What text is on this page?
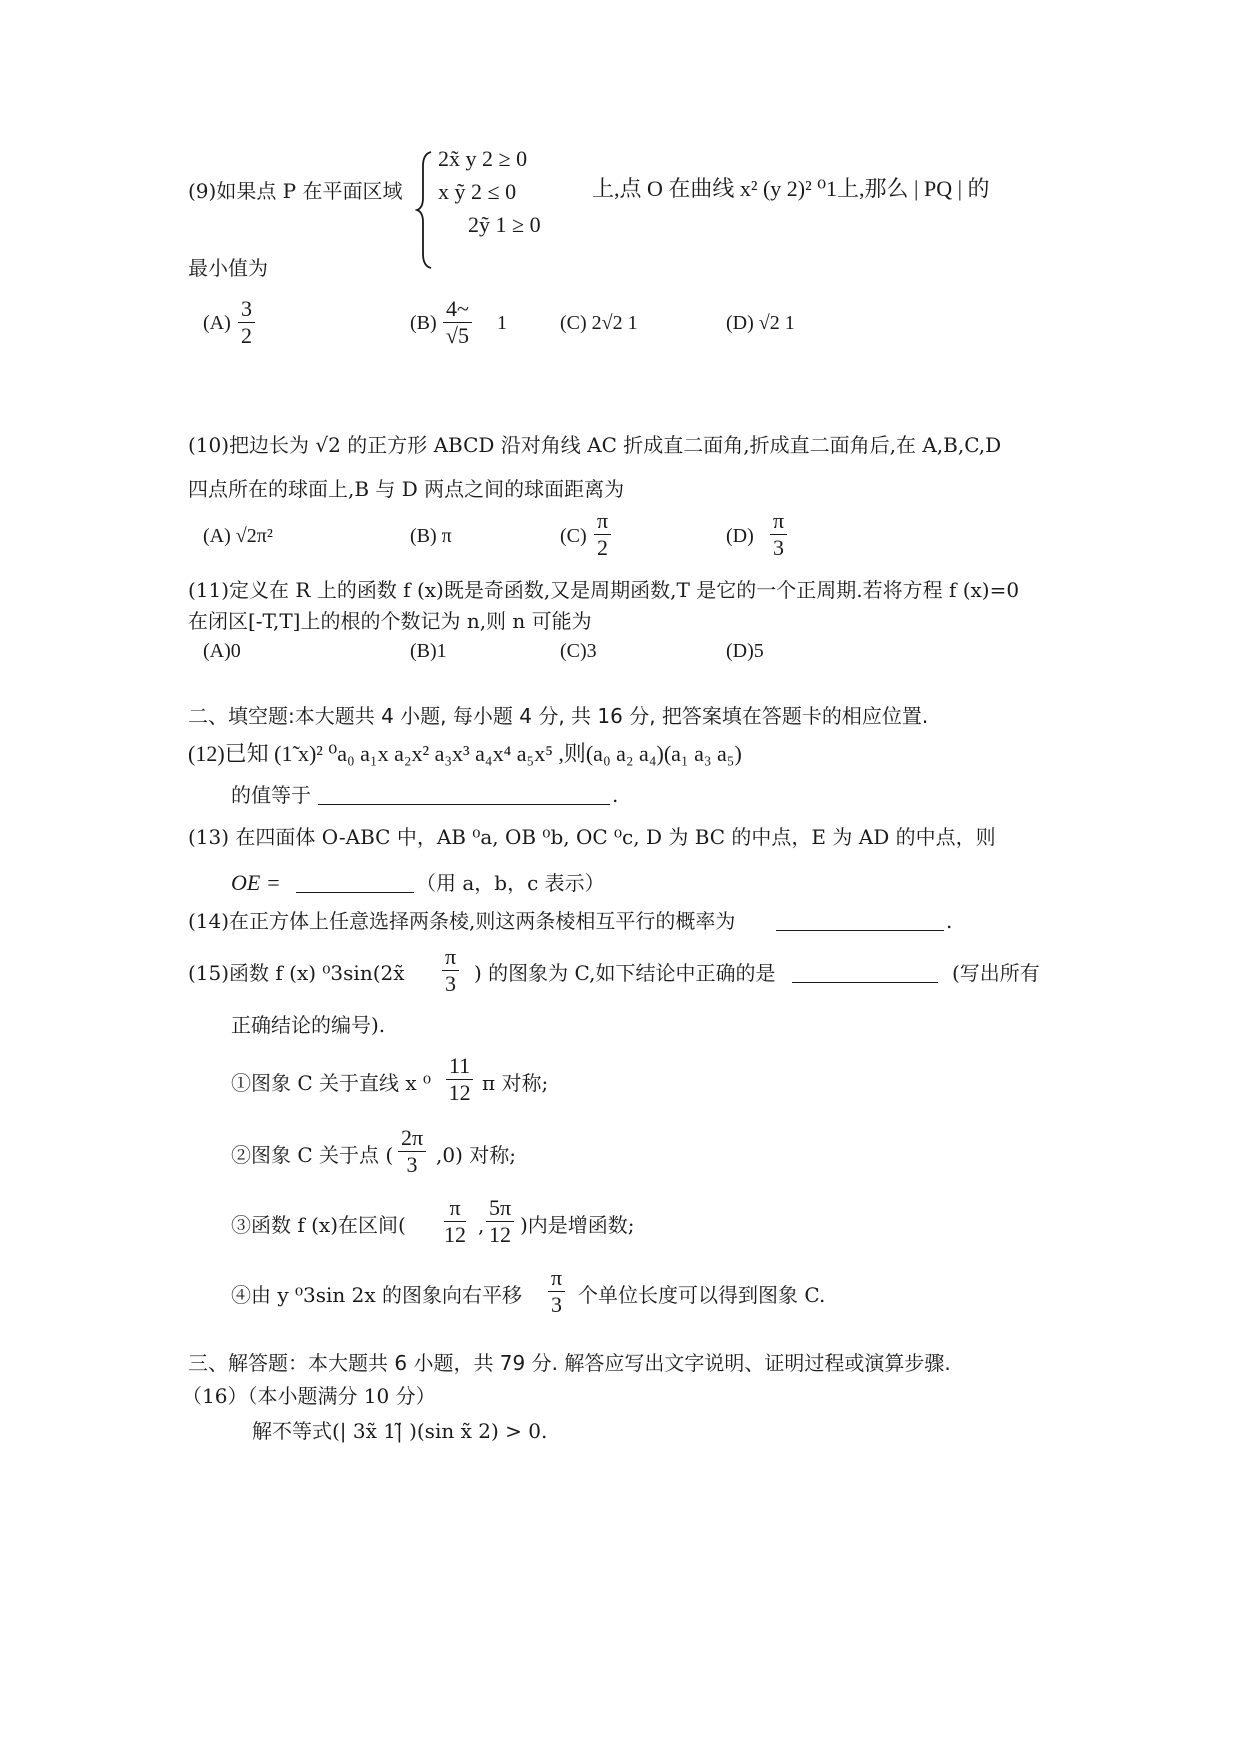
(9)如果点 P 在平面区域
2x̃ y 2 ≥ 0
x ỹ 2 ≤ 0
2ỹ 1 ≥ 0
上,点 O 在曲线 x² (y 2)² ⁰1上,那么 | PQ | 的
最小值为
$(A) \frac{3}{2}$	$(B) \frac{4\sim}{√5} 1$	(C) 2√2 1	(D) √2 1
(10)把边长为 √2 的正方形 ABCD 沿对角线 AC 折成直二面角,折成直二面角后,在 A,B,C,D
四点所在的球面上,B 与 D 两点之间的球面距离为
(A) √2π²	(B) π	$(C) \frac{\pi}{2}$	$(D) \frac{\pi}{3}$
(11)定义在 R 上的函数 f (x)既是奇函数,又是周期函数,T 是它的一个正周期.若将方程 f (x)=0
在闭区[-T,T]上的根的个数记为 n,则 n 可能为
(A)0	(B)1	(C)3	(D)5
二、填空题:本大题共 4 小题, 每小题 4 分, 共 16 分, 把答案填在答题卡的相应位置.
(12)已知 (1̃ x)² ⁰a₀ a₁x a₂x² a₃x³ a₄x⁴ a₅x⁵ ,则(a₀ a₂ a₄)(a₁ a₃ a₅)
的值等于	.
(13) 在四面体 O-ABC 中，AB ⁰a, OB ⁰b, OC ⁰c, D 为 BC 的中点，E 为 AD 的中点，则
OE =	（用 a，b，c 表示）
(14)在正方体上任意选择两条棱,则这两条棱相互平行的概率为	.
(15)函数 f (x) ⁰3sin(2x̃ $\frac{\pi}{3}$ ) 的图象为 C,如下结论中正确的是	(写出所有
正确结论的编号).
①图象 C 关于直线 x $^0 \frac{11}{12}$ π 对称;
②图象 C 关于点 ( $\frac{2\pi}{3} ,0$) 对称;
③函数 f (x)在区间( $\frac{\pi}{12}$ , $\frac{5\pi}{12}$ )内是增函数;
④由 y ⁰3sin 2x 的图象向右平移 $\frac{\pi}{3}$ 个单位长度可以得到图象 C.
三、解答题：本大题共 6 小题，共 79 分. 解答应写出文字说明、证明过程或演算步骤.
（16）（本小题满分 10 分）
解不等式(| 3x̃ 1|̃ )(sin x̃ 2) > 0.
